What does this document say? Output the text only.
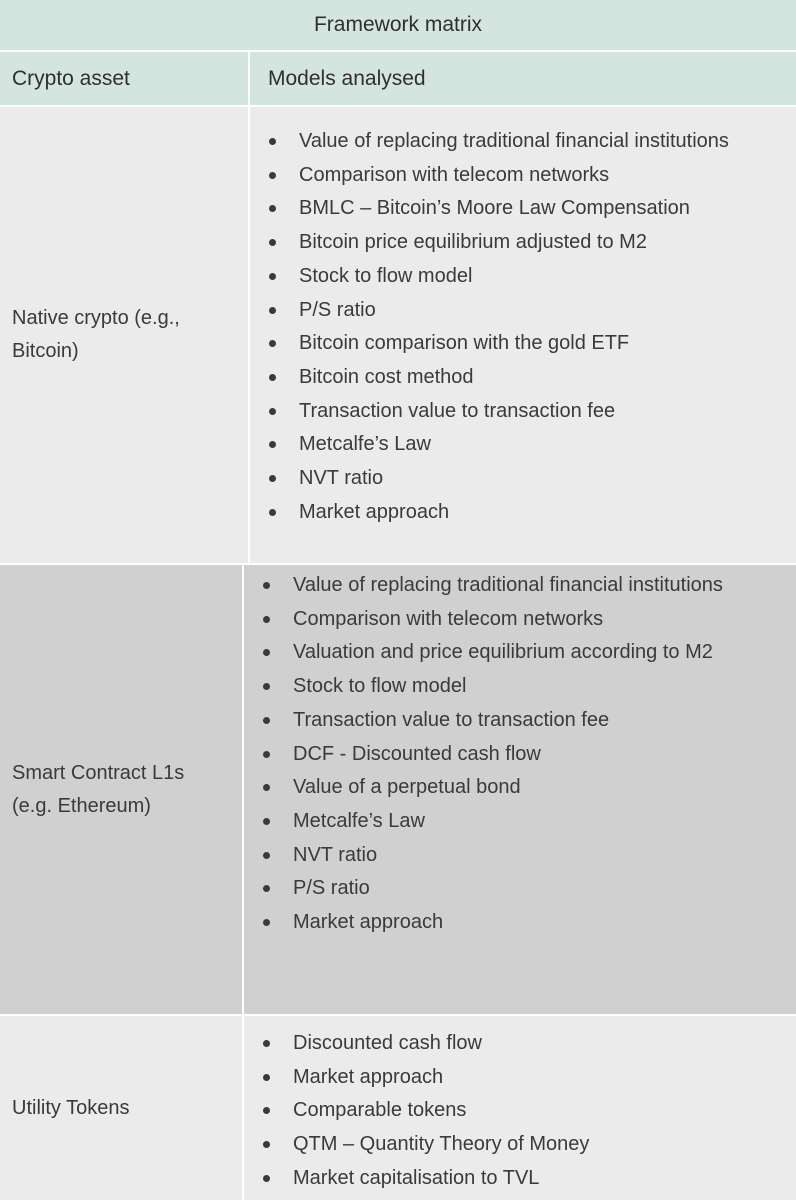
Framework matrix
Crypto asset	Models analysed
Native crypto (e.g.,
Bitcoin)
Value of replacing traditional financial institutions
Comparison with telecom networks
BMLC – Bitcoin’s Moore Law Compensation
Bitcoin price equilibrium adjusted to M2
Stock to flow model
P/S ratio
Bitcoin comparison with the gold ETF
Bitcoin cost method
Transaction value to transaction fee
Metcalfe’s Law
NVT ratio
Market approach
Smart Contract L1s
(e.g. Ethereum)
Value of replacing traditional financial institutions
Comparison with telecom networks
Valuation and price equilibrium according to M2
Stock to flow model
Transaction value to transaction fee
DCF - Discounted cash flow
Value of a perpetual bond
Metcalfe’s Law
NVT ratio
P/S ratio
Market approach
Utility Tokens
Discounted cash flow
Market approach
Comparable tokens
QTM – Quantity Theory of Money
Market capitalisation to TVL
